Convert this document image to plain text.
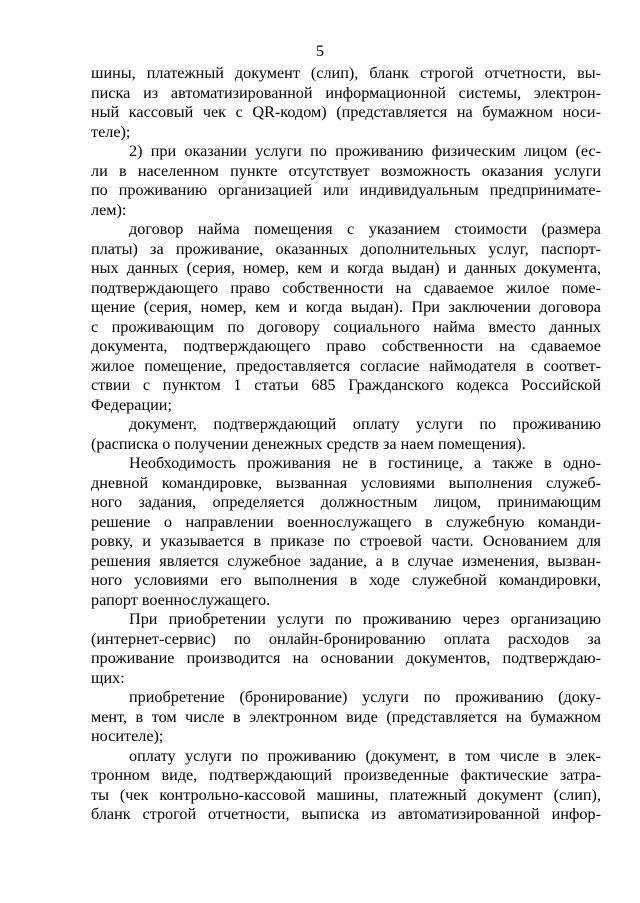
5
шины, платежный документ (слип), бланк строгой отчетности, вы-
писка из автоматизированной информационной системы, электрон-
ный кассовый чек с QR-кодом) (представляется на бумажном носи-
теле);
2) при оказании услуги по проживанию физическим лицом (ес-
ли в населенном пункте отсутствует возможность оказания услуги
по проживанию организацией или индивидуальным предпринимате-
лем):
договор найма помещения с указанием стоимости (размера
платы) за проживание, оказанных дополнительных услуг, паспорт-
ных данных (серия, номер, кем и когда выдан) и данных документа,
подтверждающего право собственности на сдаваемое жилое поме-
щение (серия, номер, кем и когда выдан). При заключении договора
с проживающим по договору социального найма вместо данных
документа, подтверждающего право собственности на сдаваемое
жилое помещение, предоставляется согласие наймодателя в соответ-
ствии с пунктом 1 статьи 685 Гражданского кодекса Российской
Федерации;
документ, подтверждающий оплату услуги по проживанию
(расписка о получении денежных средств за наем помещения).
Необходимость проживания не в гостинице, а также в одно-
дневной командировке, вызванная условиями выполнения служеб-
ного задания, определяется должностным лицом, принимающим
решение о направлении военнослужащего в служебную команди-
ровку, и указывается в приказе по строевой части. Основанием для
решения является служебное задание, а в случае изменения, вызван-
ного условиями его выполнения в ходе служебной командировки,
рапорт военнослужащего.
При приобретении услуги по проживанию через организацию
(интернет-сервис) по онлайн-бронированию оплата расходов за
проживание производится на основании документов, подтверждаю-
щих:
приобретение (бронирование) услуги по проживанию (доку-
мент, в том числе в электронном виде (представляется на бумажном
носителе);
оплату услуги по проживанию (документ, в том числе в элек-
тронном виде, подтверждающий произведенные фактические затра-
ты (чек контрольно-кассовой машины, платежный документ (слип),
бланк строгой отчетности, выписка из автоматизированной инфор-
